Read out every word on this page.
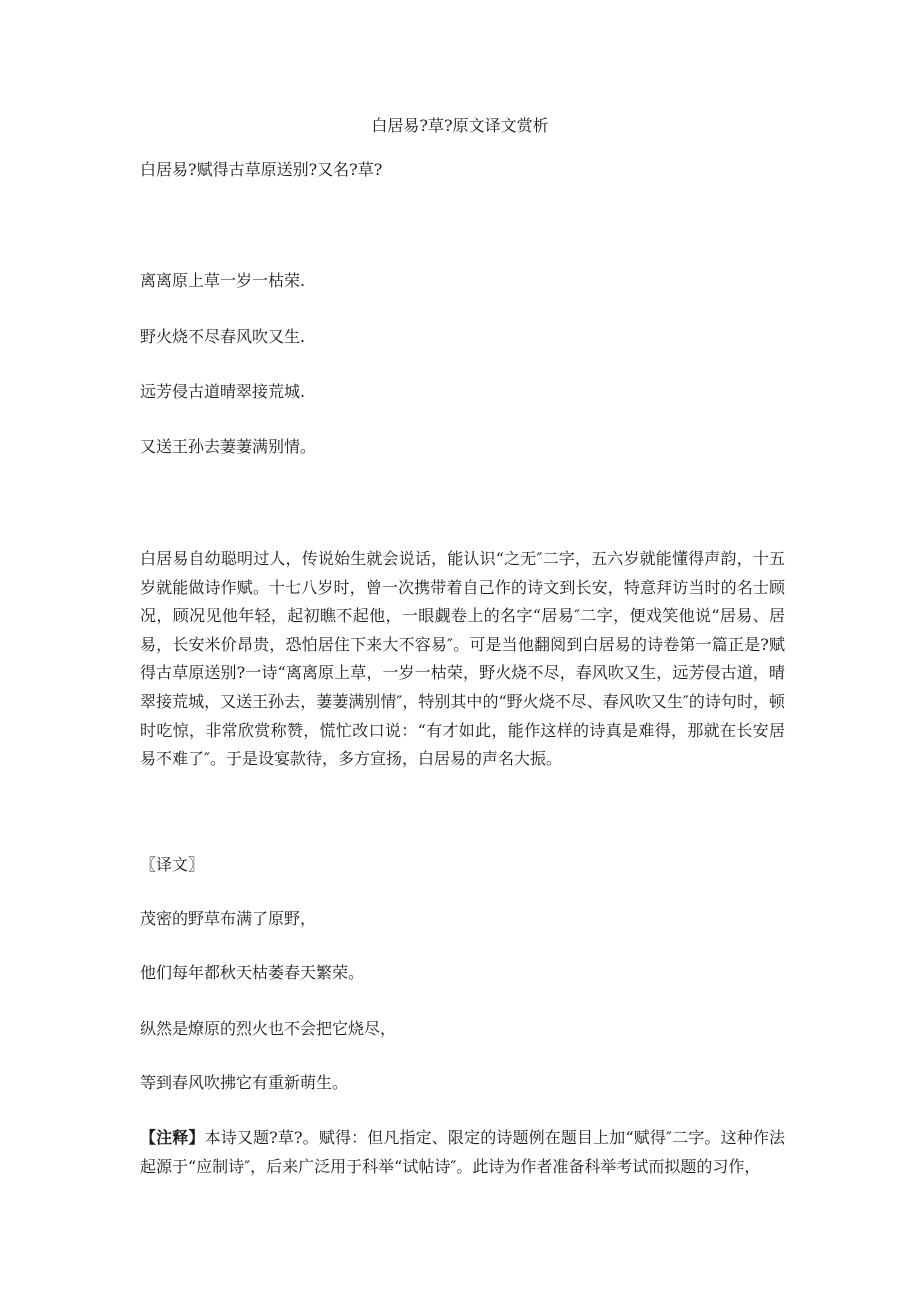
白居易?草?原文译文赏析
白居易?赋得古草原送别?又名?草?
离离原上草一岁一枯荣.
野火烧不尽春风吹又生.
远芳侵古道晴翠接荒城.
又送王孙去萋萋满别情。
白居易自幼聪明过人，传说始生就会说话，能认识“之无″二字，五六岁就能懂得声韵，十五岁就能做诗作赋。十七八岁时，曾一次携带着自己作的诗文到长安，特意拜访当时的名士顾况，顾况见他年轻，起初瞧不起他，一眼觑卷上的名字“居易″二字，便戏笑他说“居易、居易，长安米价昂贵，恐怕居住下来大不容易″。可是当他翻阅到白居易的诗卷第一篇正是?赋得古草原送别?一诗“离离原上草，一岁一枯荣，野火烧不尽，春风吹又生，远芳侵古道，晴翠接荒城，又送王孙去，萋萋满别情″，特别其中的“野火烧不尽、春风吹又生″的诗句时，顿时吃惊，非常欣赏称赞，慌忙改口说：“有才如此，能作这样的诗真是难得，那就在长安居易不难了″。于是设宴款待，多方宣扬，白居易的声名大振。
〖译文〗
茂密的野草布满了原野，
他们每年都秋天枯萎春天繁荣。
纵然是燎原的烈火也不会把它烧尽，
等到春风吹拂它有重新萌生。
【注释】本诗又题?草?。赋得：但凡指定、限定的诗题例在题目上加“赋得″二字。这种作法起源于“应制诗″，后来广泛用于科举“试帖诗″。此诗为作者准备科举考试而拟题的习作，
